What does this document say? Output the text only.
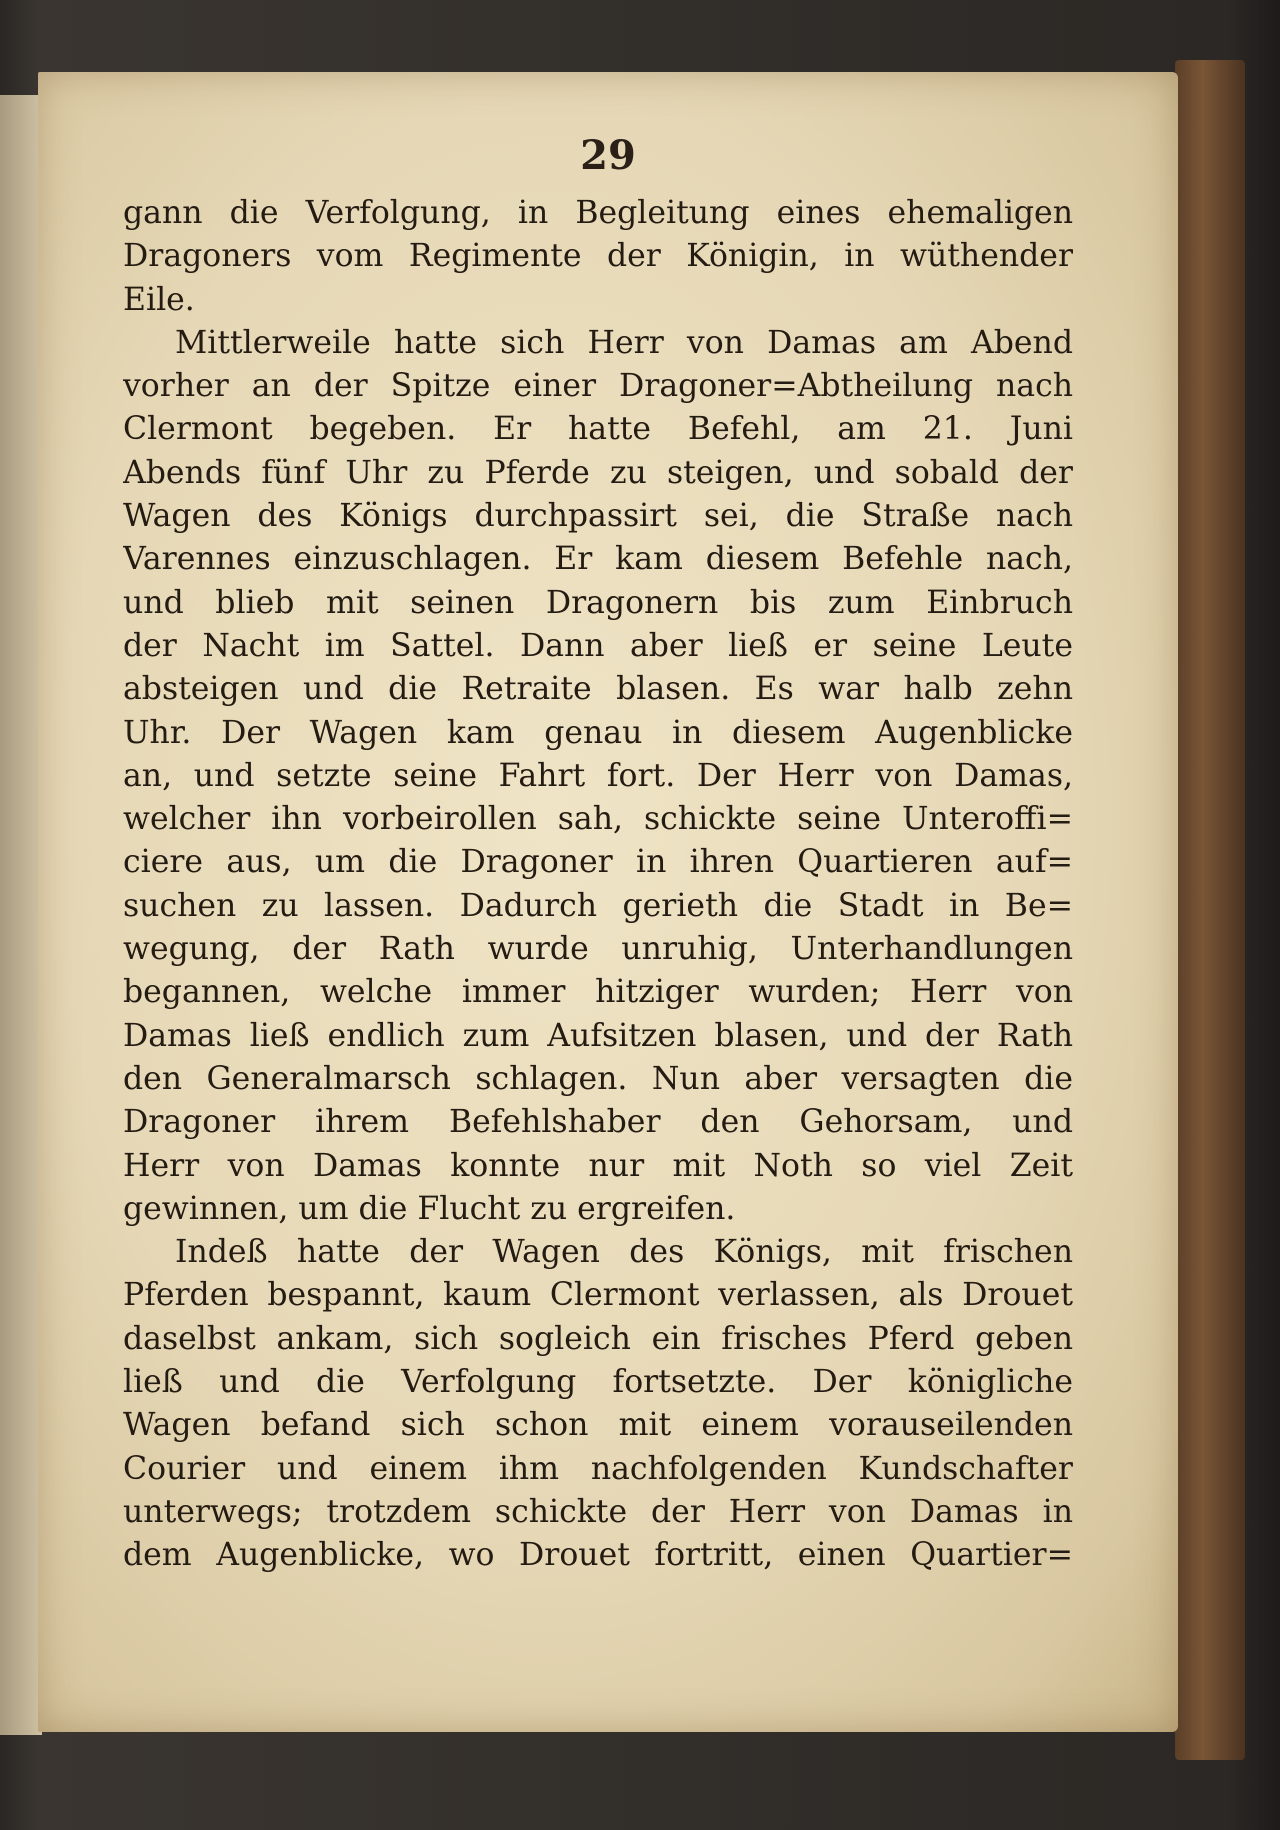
29
gann die Verfolgung, in Begleitung eines ehemaligen
Dragoners vom Regimente der Königin, in wüthender
Eile.
Mittlerweile hatte sich Herr von Damas am Abend
vorher an der Spitze einer Dragoner=Abtheilung nach
Clermont begeben. Er hatte Befehl, am 21. Juni
Abends fünf Uhr zu Pferde zu steigen, und sobald der
Wagen des Königs durchpassirt sei, die Straße nach
Varennes einzuschlagen. Er kam diesem Befehle nach,
und blieb mit seinen Dragonern bis zum Einbruch
der Nacht im Sattel. Dann aber ließ er seine Leute
absteigen und die Retraite blasen. Es war halb zehn
Uhr. Der Wagen kam genau in diesem Augenblicke
an, und setzte seine Fahrt fort. Der Herr von Damas,
welcher ihn vorbeirollen sah, schickte seine Unteroffi=
ciere aus, um die Dragoner in ihren Quartieren auf=
suchen zu lassen. Dadurch gerieth die Stadt in Be=
wegung, der Rath wurde unruhig, Unterhandlungen
begannen, welche immer hitziger wurden; Herr von
Damas ließ endlich zum Aufsitzen blasen, und der Rath
den Generalmarsch schlagen. Nun aber versagten die
Dragoner ihrem Befehlshaber den Gehorsam, und
Herr von Damas konnte nur mit Noth so viel Zeit
gewinnen, um die Flucht zu ergreifen.
Indeß hatte der Wagen des Königs, mit frischen
Pferden bespannt, kaum Clermont verlassen, als Drouet
daselbst ankam, sich sogleich ein frisches Pferd geben
ließ und die Verfolgung fortsetzte. Der königliche
Wagen befand sich schon mit einem vorauseilenden
Courier und einem ihm nachfolgenden Kundschafter
unterwegs; trotzdem schickte der Herr von Damas in
dem Augenblicke, wo Drouet fortritt, einen Quartier=
